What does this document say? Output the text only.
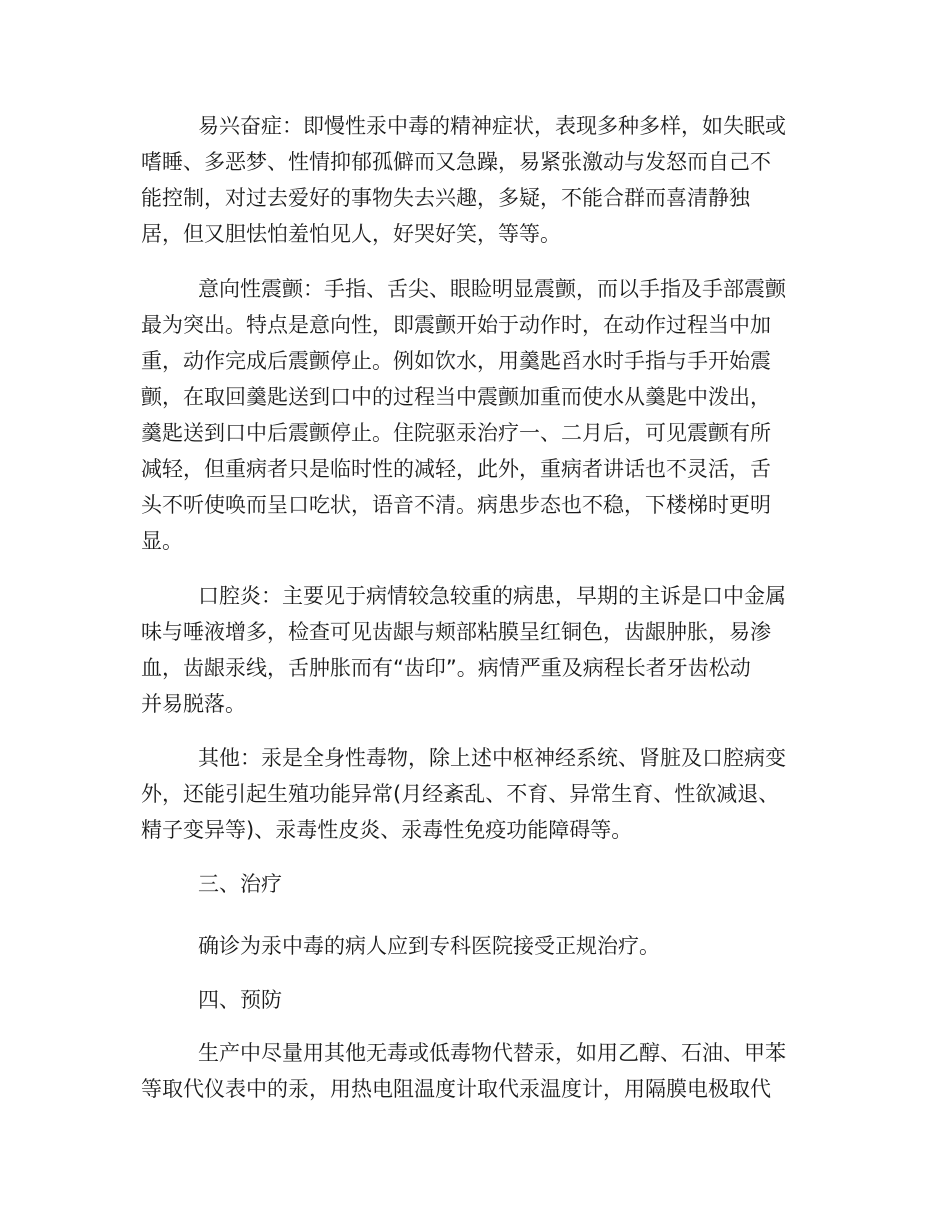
易兴奋症：即慢性汞中毒的精神症状，表现多种多样，如失眠或
嗜睡、多恶梦、性情抑郁孤僻而又急躁，易紧张激动与发怒而自己不
能控制，对过去爱好的事物失去兴趣，多疑，不能合群而喜清静独
居，但又胆怯怕羞怕见人，好哭好笑，等等。
意向性震颤：手指、舌尖、眼睑明显震颤，而以手指及手部震颤
最为突出。特点是意向性，即震颤开始于动作时，在动作过程当中加
重，动作完成后震颤停止。例如饮水，用羹匙舀水时手指与手开始震
颤，在取回羹匙送到口中的过程当中震颤加重而使水从羹匙中泼出，
羹匙送到口中后震颤停止。住院驱汞治疗一、二月后，可见震颤有所
减轻，但重病者只是临时性的减轻，此外，重病者讲话也不灵活，舌
头不听使唤而呈口吃状，语音不清。病患步态也不稳，下楼梯时更明
显。
口腔炎：主要见于病情较急较重的病患，早期的主诉是口中金属
味与唾液增多，检查可见齿龈与颊部粘膜呈红铜色，齿龈肿胀，易渗
血，齿龈汞线，舌肿胀而有“齿印”。病情严重及病程长者牙齿松动
并易脱落。
其他：汞是全身性毒物，除上述中枢神经系统、肾脏及口腔病变
外，还能引起生殖功能异常(月经紊乱、不育、异常生育、性欲减退、
精子变异等)、汞毒性皮炎、汞毒性免疫功能障碍等。
三、治疗
确诊为汞中毒的病人应到专科医院接受正规治疗。
四、预防
生产中尽量用其他无毒或低毒物代替汞，如用乙醇、石油、甲苯
等取代仪表中的汞，用热电阻温度计取代汞温度计，用隔膜电极取代
